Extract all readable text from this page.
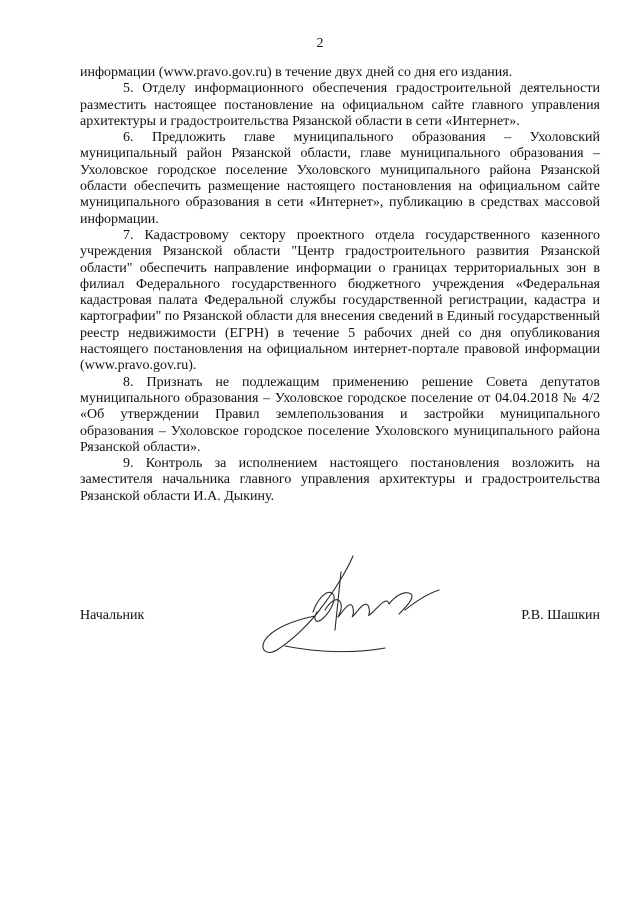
2

информации (www.pravo.gov.ru) в течение двух дней со дня его издания.

5. Отделу информационного обеспечения градостроительной деятельности разместить настоящее постановление на официальном сайте главного управления архитектуры и градостроительства Рязанской области в сети «Интернет».

6. Предложить главе муниципального образования – Ухоловский муниципальный район Рязанской области, главе муниципального образования – Ухоловское городское поселение Ухоловского муниципального района Рязанской области обеспечить размещение настоящего постановления на официальном сайте муниципального образования в сети «Интернет», публикацию в средствах массовой информации.

7. Кадастровому сектору проектного отдела государственного казенного учреждения Рязанской области "Центр градостроительного развития Рязанской области" обеспечить направление информации о границах территориальных зон в филиал Федерального государственного бюджетного учреждения «Федеральная кадастровая палата Федеральной службы государственной регистрации, кадастра и картографии" по Рязанской области для внесения сведений в Единый государственный реестр недвижимости (ЕГРН) в течение 5 рабочих дней со дня опубликования настоящего постановления на официальном интернет-портале правовой информации (www.pravo.gov.ru).

8. Признать не подлежащим применению решение Совета депутатов муниципального образования – Ухоловское городское поселение от 04.04.2018 № 4/2 «Об утверждении Правил землепользования и застройки муниципального образования – Ухоловское городское поселение Ухоловского муниципального района Рязанской области».

9. Контроль за исполнением настоящего постановления возложить на заместителя начальника главного управления архитектуры и градостроительства Рязанской области И.А. Дыкину.

Начальник	Р.В. Шашкин
